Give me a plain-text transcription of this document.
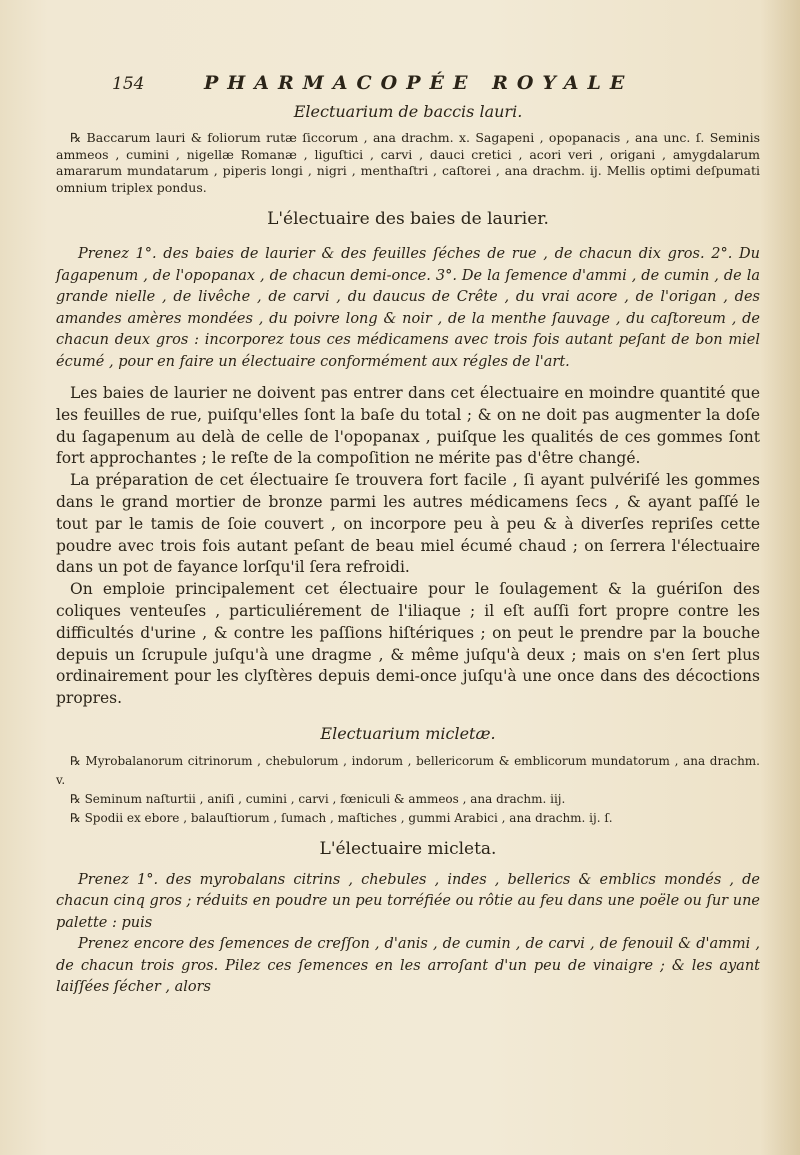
154	PHARMACOPÉE ROYALE
Electuarium de baccis lauri.

℞ Baccarum lauri & foliorum rutæ ſiccorum , ana drachm. x. Sagapeni , opopanacis , ana unc. ſ. Seminis ammeos , cumini , nigellæ Romanæ , liguſtici , carvi , dauci cretici , acori veri , origani , amygdalarum amararum mundatarum , piperis longi , nigri , menthaſtri , caſtorei , ana drachm. ij. Mellis optimi deſpumati omnium triplex pondus.

L'électuaire des baies de laurier.

Prenez 1°. des baies de laurier & des feuilles ſéches de rue , de chacun dix gros. 2°. Du ſagapenum , de l'opopanax , de chacun demi-once. 3°. De la ſemence d'ammi , de cumin , de la grande nielle , de livêche , de carvi , du daucus de Crête , du vrai acore , de l'origan , des amandes amères mondées , du poivre long & noir , de la menthe ſauvage , du caſtoreum , de chacun deux gros : incorporez tous ces médicamens avec trois fois autant peſant de bon miel écumé , pour en faire un électuaire conformément aux régles de l'art.

Les baies de laurier ne doivent pas entrer dans cet électuaire en moindre quantité que les feuilles de rue, puiſqu'elles ſont la baſe du total ; & on ne doit pas augmenter la doſe du ſagapenum au delà de celle de l'opopanax , puiſque les qualités de ces gommes ſont fort approchantes ; le reſte de la compoſition ne mérite pas d'être changé.

La préparation de cet électuaire ſe trouvera fort facile , ſi ayant pulvériſé les gommes dans le grand mortier de bronze parmi les autres médicamens ſecs , & ayant paſſé le tout par le tamis de ſoie couvert , on incorpore peu à peu & à diverſes repriſes cette poudre avec trois fois autant peſant de beau miel écumé chaud ; on ſerrera l'électuaire dans un pot de fayance lorſqu'il ſera refroidi.

On emploie principalement cet électuaire pour le ſoulagement & la guériſon des coliques venteuſes , particuliérement de l'iliaque ; il eſt auſſi fort propre contre les difficultés d'urine , & contre les paſſions hiſtériques ; on peut le prendre par la bouche depuis un ſcrupule juſqu'à une dragme , & même juſqu'à deux ; mais on s'en ſert plus ordinairement pour les clyſtères depuis demi-once juſqu'à une once dans des décoctions propres.

Electuarium micletæ.

℞ Myrobalanorum citrinorum , chebulorum , indorum , bellericorum & emblicorum mundatorum , ana drachm. v.

℞ Seminum naſturtii , aniſi , cumini , carvi , fœniculi & ammeos , ana drachm. iij.

℞ Spodii ex ebore , balauſtiorum , ſumach , maſtiches , gummi Arabici , ana drachm. ij. ſ.

L'électuaire micleta.

Prenez 1°. des myrobalans citrins , chebules , indes , bellerics & emblics mondés , de chacun cinq gros ; réduits en poudre un peu torréfiée ou rôtie au feu dans une poële ou ſur une palette : puis

Prenez encore des ſemences de creſſon , d'anis , de cumin , de carvi , de fenouil & d'ammi , de chacun trois gros. Pilez ces ſemences en les arroſant d'un peu de vinaigre ; & les ayant laiſſées ſécher , alors
